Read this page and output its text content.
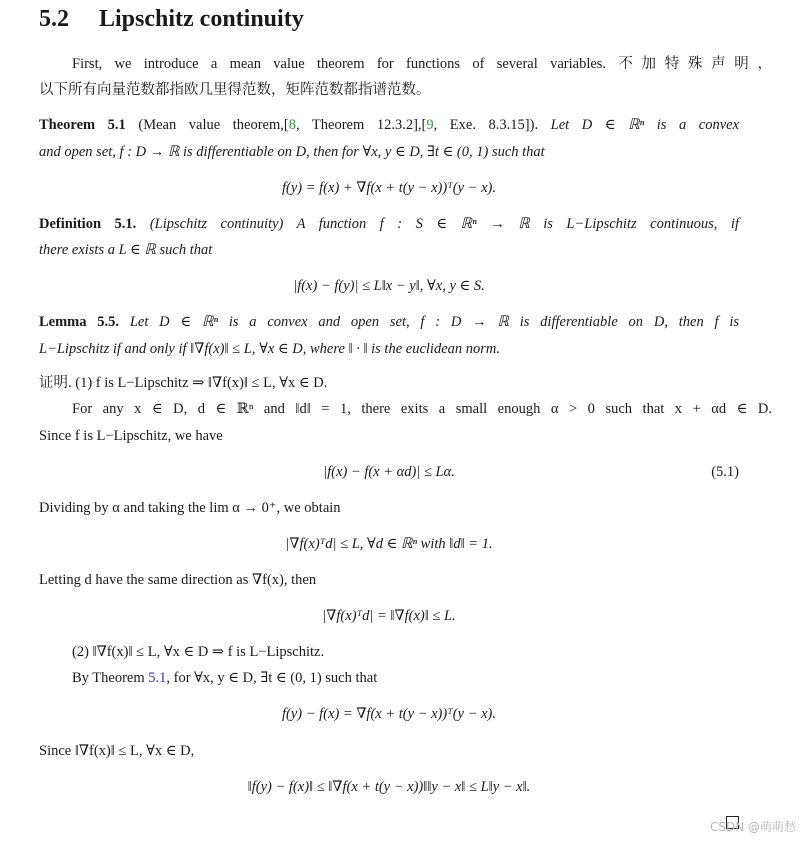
5.2 Lipschitz continuity
First, we introduce a mean value theorem for functions of several variables. 不加特殊声明，
以下所有向量范数都指欧几里得范数，矩阵范数都指谱范数。
Theorem 5.1 (Mean value theorem,[8, Theorem 12.3.2],[9, Exe. 8.3.15]). Let D ∈ ℝⁿ is a convex
and open set, f : D → ℝ is differentiable on D, then for ∀x, y ∈ D, ∃t ∈ (0, 1) such that
f(y) = f(x) + ∇f(x + t(y − x))ᵀ(y − x).
Definition 5.1. (Lipschitz continuity) A function f : S ∈ ℝⁿ → ℝ is L−Lipschitz continuous, if
there exists a L ∈ ℝ such that
|f(x) − f(y)| ≤ L‖x − y‖, ∀x, y ∈ S.
Lemma 5.5. Let D ∈ ℝⁿ is a convex and open set, f : D → ℝ is differentiable on D, then f is
L−Lipschitz if and only if ‖∇f(x)‖ ≤ L, ∀x ∈ D, where ‖ · ‖ is the euclidean norm.
证明. (1) f is L−Lipschitz ⇒ ‖∇f(x)‖ ≤ L, ∀x ∈ D.
For any x ∈ D, d ∈ ℝⁿ and ‖d‖ = 1, there exits a small enough α > 0 such that x + αd ∈ D.
Since f is L−Lipschitz, we have
|f(x) − f(x + αd)| ≤ Lα.	(5.1)
Dividing by α and taking the lim α → 0⁺, we obtain
|∇f(x)ᵀd| ≤ L, ∀d ∈ ℝⁿ with ‖d‖ = 1.
Letting d have the same direction as ∇f(x), then
|∇f(x)ᵀd| = ‖∇f(x)‖ ≤ L.
(2) ‖∇f(x)‖ ≤ L, ∀x ∈ D ⇒ f is L−Lipschitz.
By Theorem 5.1, for ∀x, y ∈ D, ∃t ∈ (0, 1) such that
f(y) − f(x) = ∇f(x + t(y − x))ᵀ(y − x).
Since ‖∇f(x)‖ ≤ L, ∀x ∈ D,
‖f(y) − f(x)‖ ≤ ‖∇f(x + t(y − x))‖‖y − x‖ ≤ L‖y − x‖.
CSDN @萌萌愁
